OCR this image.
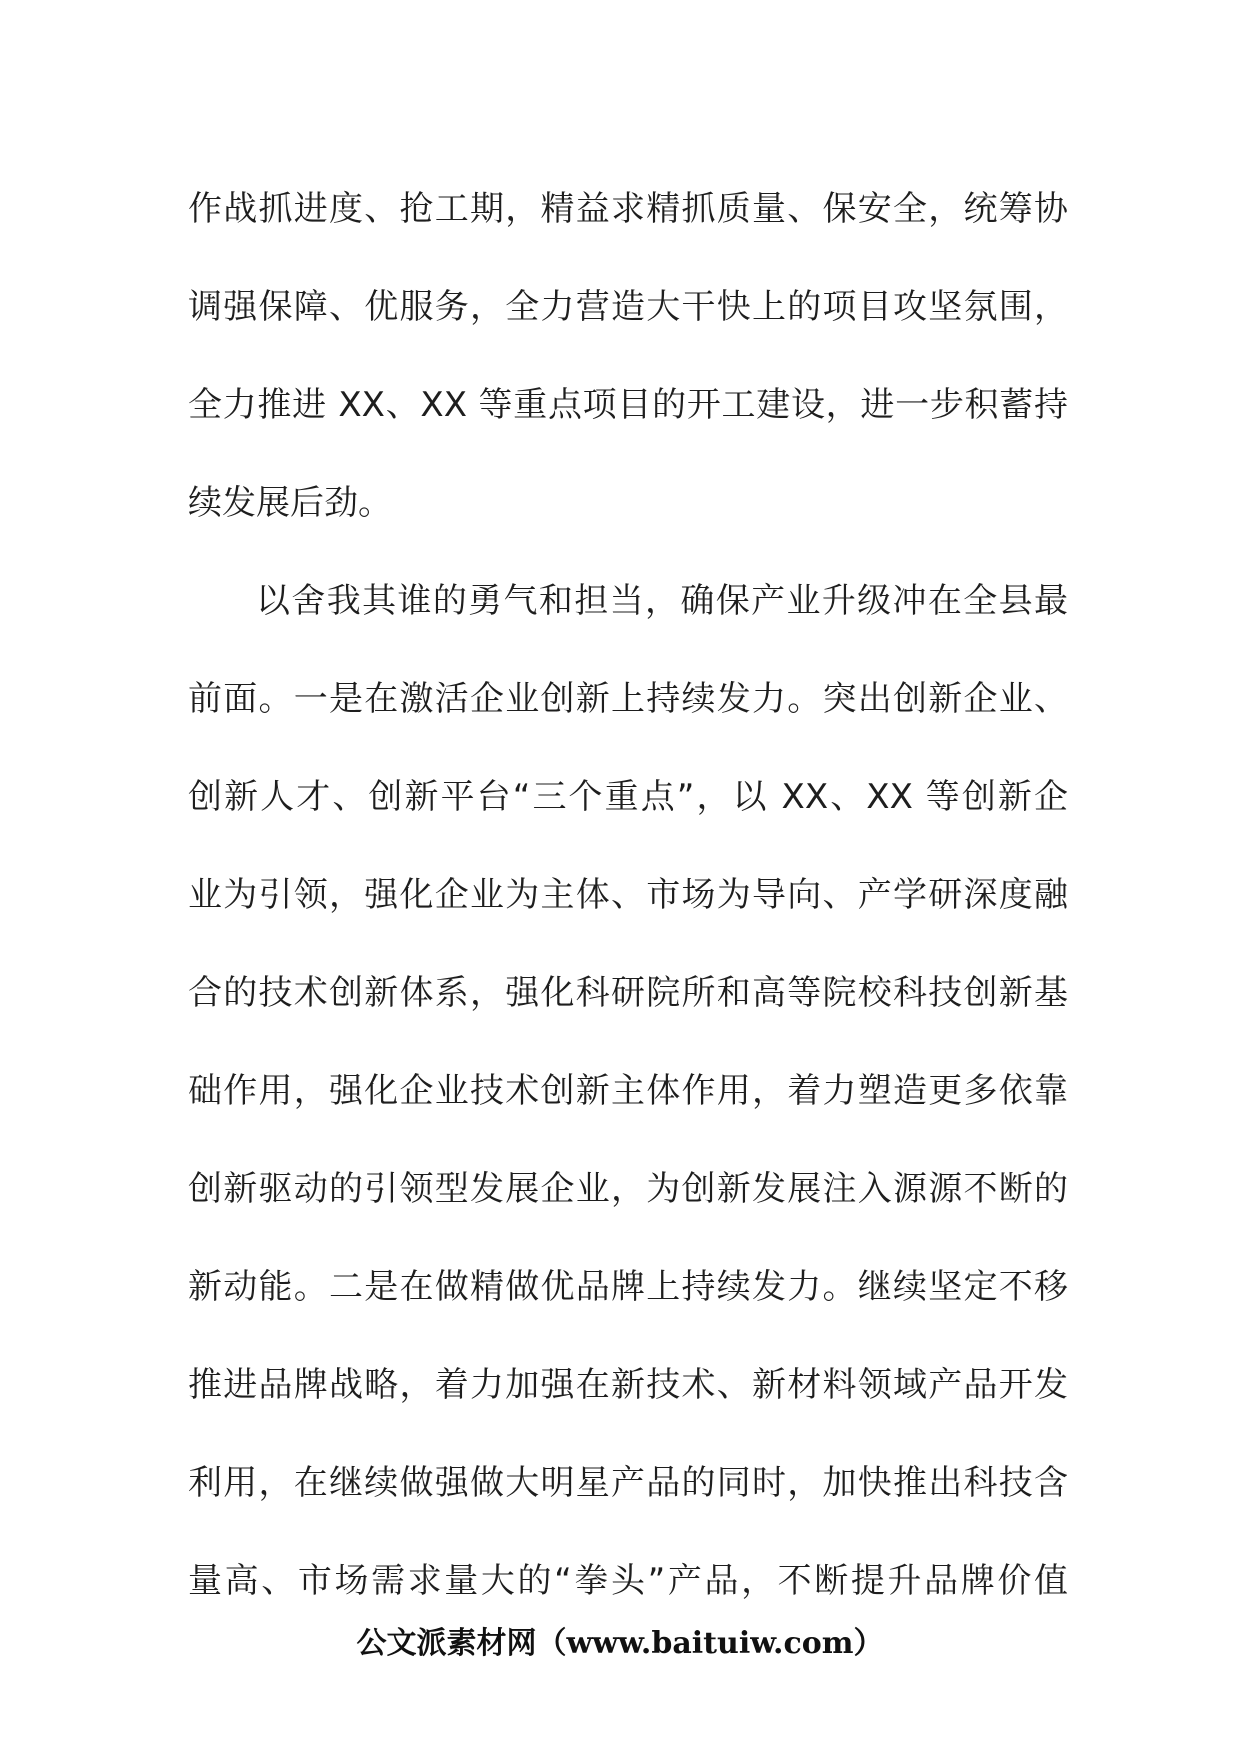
作战抓进度、抢工期，精益求精抓质量、保安全，统筹协
调强保障、优服务，全力营造大干快上的项目攻坚氛围，
全力推进 XX、XX 等重点项目的开工建设，进一步积蓄持
续发展后劲。
以舍我其谁的勇气和担当，确保产业升级冲在全县最
前面。一是在激活企业创新上持续发力。突出创新企业、
创新人才、创新平台“三个重点”，以 XX、XX 等创新企
业为引领，强化企业为主体、市场为导向、产学研深度融
合的技术创新体系，强化科研院所和高等院校科技创新基
础作用，强化企业技术创新主体作用，着力塑造更多依靠
创新驱动的引领型发展企业，为创新发展注入源源不断的
新动能。二是在做精做优品牌上持续发力。继续坚定不移
推进品牌战略，着力加强在新技术、新材料领域产品开发
利用，在继续做强做大明星产品的同时，加快推出科技含
量高、市场需求量大的“拳头”产品，不断提升品牌价值
公文派素材网（www.baituiw.com）
